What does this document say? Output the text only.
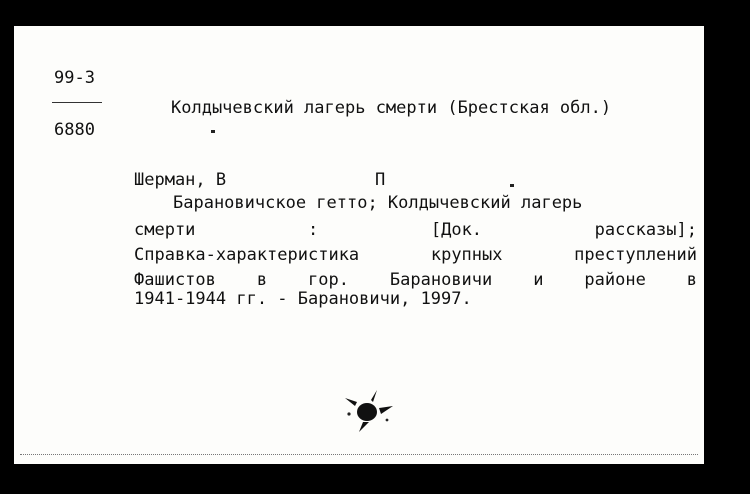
99-3
6880
Колдычевский лагерь смерти (Брестская обл.)
Шерман, В	П
Барановичское гетто; Колдычевский лагерь
смерти : [Док. рассказы];
Справка-характеристика крупных преступлений
Фашистов в гор. Барановичи и районе в
1941-1944 гг. - Барановичи, 1997.
